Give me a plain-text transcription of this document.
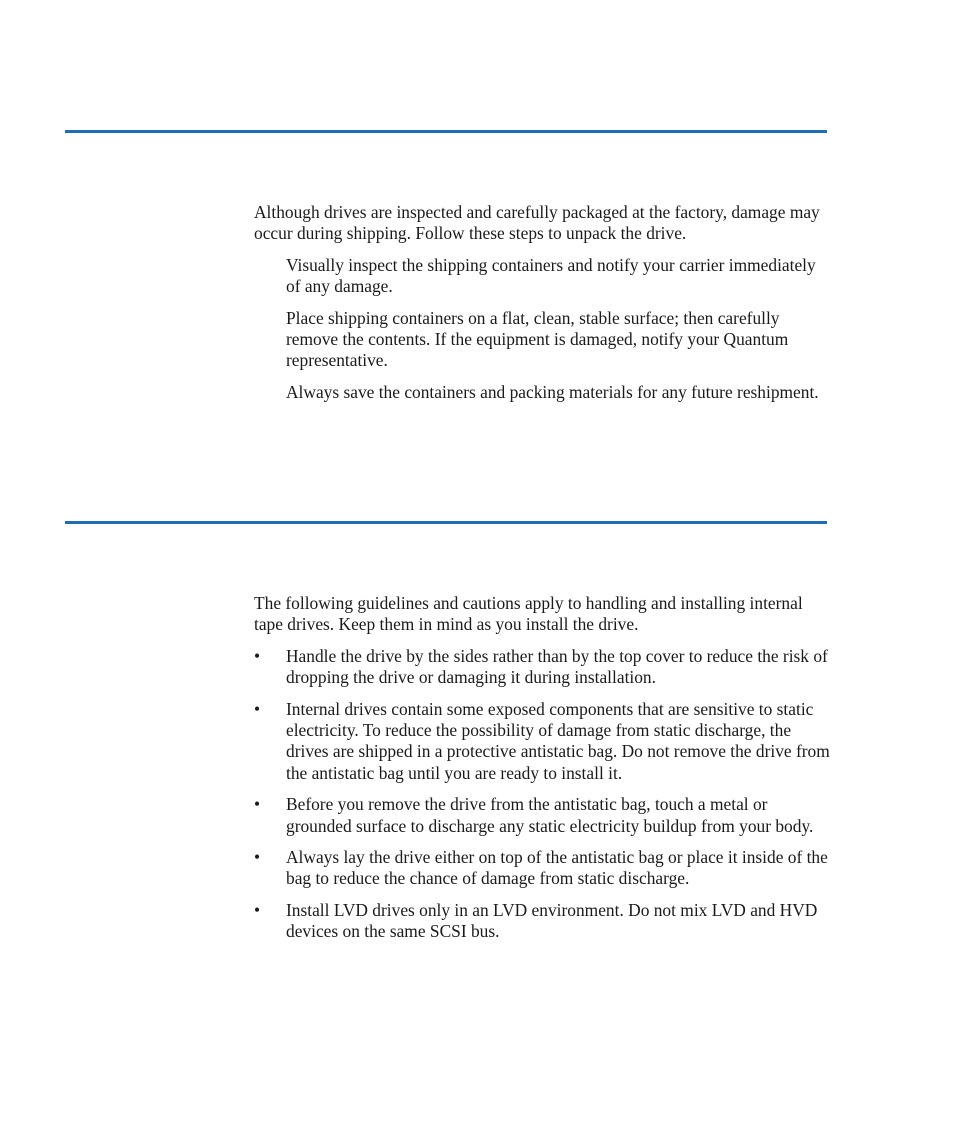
Although drives are inspected and carefully packaged at the factory, damage may occur during shipping. Follow these steps to unpack the drive.

Visually inspect the shipping containers and notify your carrier immediately of any damage.
Place shipping containers on a flat, clean, stable surface; then carefully remove the contents. If the equipment is damaged, notify your Quantum representative.
Always save the containers and packing materials for any future reshipment.

The following guidelines and cautions apply to handling and installing internal tape drives. Keep them in mind as you install the drive.

•	Handle the drive by the sides rather than by the top cover to reduce the risk of dropping the drive or damaging it during installation.
•	Internal drives contain some exposed components that are sensitive to static electricity. To reduce the possibility of damage from static discharge, the drives are shipped in a protective antistatic bag. Do not remove the drive from the antistatic bag until you are ready to install it.
•	Before you remove the drive from the antistatic bag, touch a metal or grounded surface to discharge any static electricity buildup from your body.
•	Always lay the drive either on top of the antistatic bag or place it inside of the bag to reduce the chance of damage from static discharge.
•	Install LVD drives only in an LVD environment. Do not mix LVD and HVD devices on the same SCSI bus.
